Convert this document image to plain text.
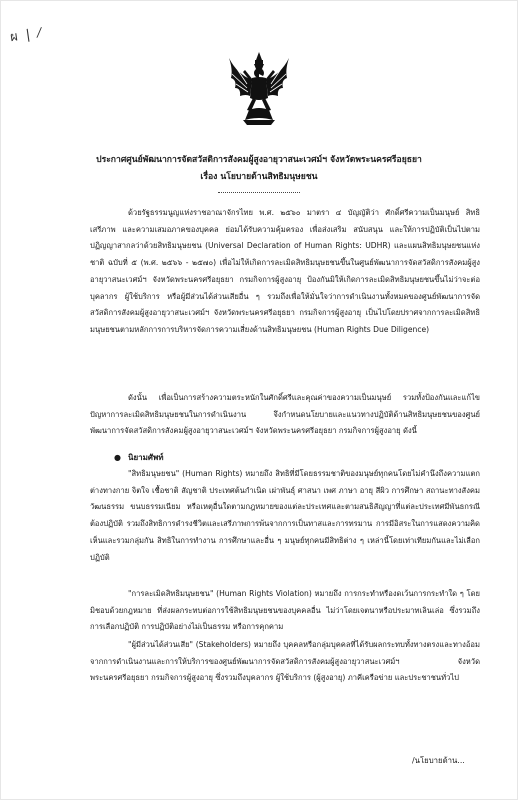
ผ | ⁄
ประกาศศูนย์พัฒนาการจัดสวัสดิการสังคมผู้สูงอายุวาสนะเวศม์ฯ จังหวัดพระนครศรีอยุธยา
เรื่อง นโยบายด้านสิทธิมนุษยชน
ด้วยรัฐธรรมนูญแห่งราชอาณาจักรไทย พ.ศ. ๒๕๖๐ มาตรา ๔ บัญญัติว่า ศักดิ์ศรีความเป็นมนุษย์ สิทธิ เสรีภาพ และความเสมอภาคของบุคคล ย่อมได้รับความคุ้มครอง เพื่อส่งเสริม สนับสนุน และให้การปฏิบัติเป็นไปตามปฏิญญาสากลว่าด้วยสิทธิมนุษยชน (Universal Declaration of Human Rights: UDHR) และแผนสิทธิมนุษยชนแห่งชาติ ฉบับที่ ๕ (พ.ศ. ๒๕๖๖ - ๒๕๗๐) เพื่อไม่ให้เกิดการละเมิดสิทธิมนุษยชนขึ้นในศูนย์พัฒนาการจัดสวัสดิการสังคมผู้สูงอายุวาสนะเวศม์ฯ จังหวัดพระนครศรีอยุธยา กรมกิจการผู้สูงอายุ ป้องกันมิให้เกิดการละเมิดสิทธิมนุษยชนขึ้นไม่ว่าจะต่อบุคลากร ผู้ใช้บริการ หรือผู้มีส่วนได้ส่วนเสียอื่น ๆ รวมถึงเพื่อให้มั่นใจว่าการดำเนินงานทั้งหมดของศูนย์พัฒนาการจัดสวัสดิการสังคมผู้สูงอายุวาสนะเวศม์ฯ จังหวัดพระนครศรีอยุธยา กรมกิจการผู้สูงอายุ เป็นไปโดยปราศจากการละเมิดสิทธิมนุษยชนตามหลักการการบริหารจัดการความเสี่ยงด้านสิทธิมนุษยชน (Human Rights Due Diligence)
ดังนั้น เพื่อเป็นการสร้างความตระหนักในศักดิ์ศรีและคุณค่าของความเป็นมนุษย์ รวมทั้งป้องกันและแก้ไขปัญหาการละเมิดสิทธิมนุษยชนในการดำเนินงาน จึงกำหนดนโยบายและแนวทางปฏิบัติด้านสิทธิมนุษยชนของศูนย์พัฒนาการจัดสวัสดิการสังคมผู้สูงอายุวาสนะเวศม์ฯ จังหวัดพระนครศรีอยุธยา กรมกิจการผู้สูงอายุ ดังนี้
● นิยามศัพท์
"สิทธิมนุษยชน" (Human Rights) หมายถึง สิทธิที่มีโดยธรรมชาติของมนุษย์ทุกคนโดยไม่คำนึงถึงความแตกต่างทางกาย จิตใจ เชื้อชาติ สัญชาติ ประเทศต้นกำเนิด เผ่าพันธุ์ ศาสนา เพศ ภาษา อายุ สีผิว การศึกษา สถานะทางสังคม วัฒนธรรม ขนบธรรมเนียม หรือเหตุอื่นใดตามกฎหมายของแต่ละประเทศและตามสนธิสัญญาที่แต่ละประเทศมีพันธกรณีต้องปฏิบัติ รวมถึงสิทธิการดำรงชีวิตและเสรีภาพการพ้นจากการเป็นทาสและการทรมาน การมีอิสระในการแสดงความคิดเห็นและรวมกลุ่มกัน สิทธิในการทำงาน การศึกษาและอื่น ๆ มนุษย์ทุกคนมีสิทธิต่าง ๆ เหล่านี้โดยเท่าเทียมกันและไม่เลือกปฏิบัติ
"การละเมิดสิทธิมนุษยชน" (Human Rights Violation) หมายถึง การกระทำหรืองดเว้นการกระทำใด ๆ โดยมิชอบด้วยกฎหมาย ที่ส่งผลกระทบต่อการใช้สิทธิมนุษยชนของบุคคลอื่น ไม่ว่าโดยเจตนาหรือประมาทเลินเล่อ ซึ่งรวมถึงการเลือกปฏิบัติ การปฏิบัติอย่างไม่เป็นธรรม หรือการคุกคาม
"ผู้มีส่วนได้ส่วนเสีย" (Stakeholders) หมายถึง บุคคลหรือกลุ่มบุคคลที่ได้รับผลกระทบทั้งทางตรงและทางอ้อมจากการดำเนินงานและการให้บริการของศูนย์พัฒนาการจัดสวัสดิการสังคมผู้สูงอายุวาสนะเวศม์ฯ จังหวัดพระนครศรีอยุธยา กรมกิจการผู้สูงอายุ ซึ่งรวมถึงบุคลากร ผู้ใช้บริการ (ผู้สูงอายุ) ภาคีเครือข่าย และประชาชนทั่วไป
/นโยบายด้าน...
